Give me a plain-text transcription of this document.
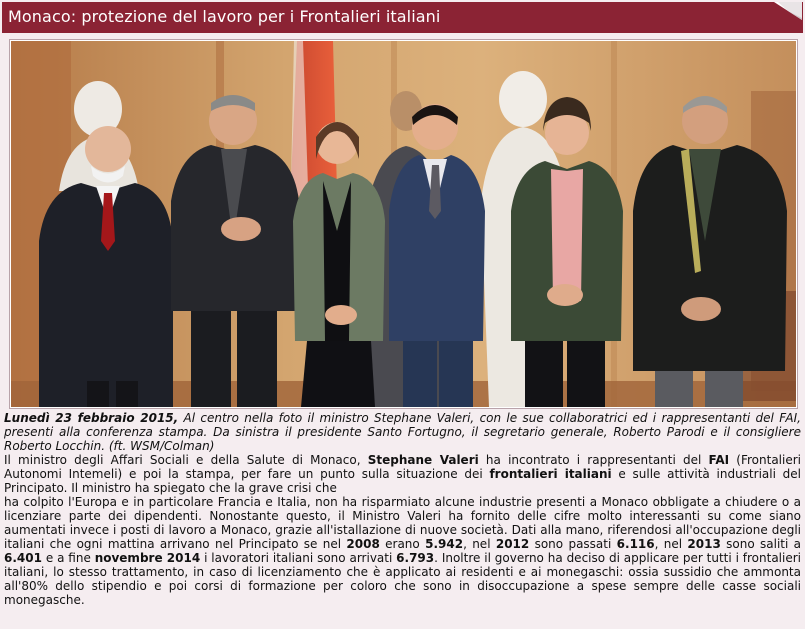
Monaco: protezione del lavoro per i Frontalieri italiani

Lunedì 23 febbraio 2015, Al centro nella foto il ministro Stephane Valeri, con le sue collaboratrici ed i rappresentanti del FAI, presenti alla conferenza stampa. Da sinistra il presidente Santo Fortugno, il segretario generale, Roberto Parodi e il consigliere Roberto Locchin. (ft. WSM/Colman)

Il ministro degli Affari Sociali e della Salute di Monaco, Stephane Valeri ha incontrato i rappresentanti del FAI (Frontalieri Autonomi Intemeli) e poi la stampa, per fare un punto sulla situazione dei frontalieri italiani e sulle attività industriali del Principato. Il ministro ha spiegato che la grave crisi che

ha colpito l'Europa e in particolare Francia e Italia, non ha risparmiato alcune industrie presenti a Monaco obbligate a chiudere o a licenziare parte dei dipendenti. Nonostante questo, il Ministro Valeri ha fornito delle cifre molto interessanti su come siano aumentati invece i posti di lavoro a Monaco, grazie all'istallazione di nuove società. Dati alla mano, riferendosi all'occupazione degli italiani che ogni mattina arrivano nel Principato se nel 2008 erano 5.942, nel 2012 sono passati 6.116, nel 2013 sono saliti a 6.401 e a fine novembre 2014 i lavoratori italiani sono arrivati 6.793. Inoltre il governo ha deciso di applicare per tutti i frontalieri italiani, lo stesso trattamento, in caso di licenziamento che è applicato ai residenti e ai monegaschi: ossia sussidio che ammonta all'80% dello stipendio e poi corsi di formazione per coloro che sono in disoccupazione a spese sempre delle casse sociali monegasche.
